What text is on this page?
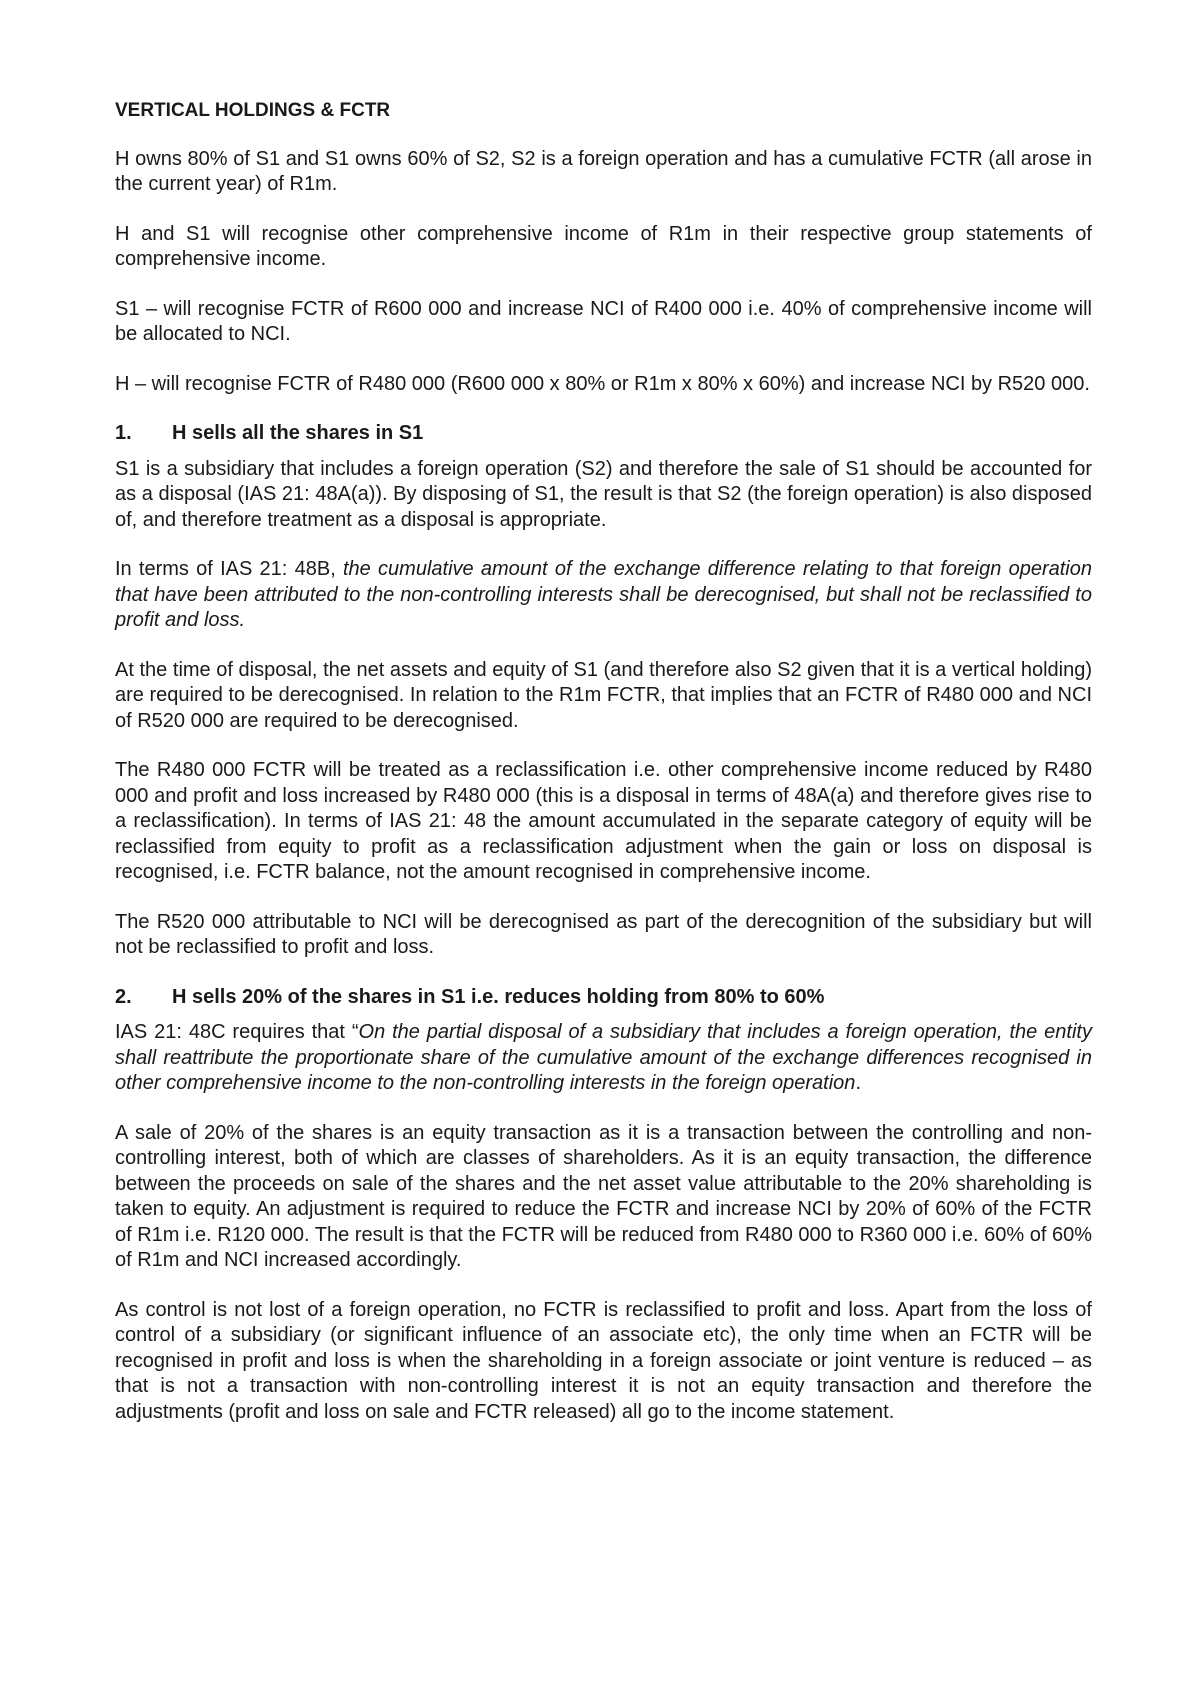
VERTICAL HOLDINGS & FCTR

H owns 80% of S1 and S1 owns 60% of S2, S2 is a foreign operation and has a cumulative FCTR (all arose in the current year) of R1m.

H and S1 will recognise other comprehensive income of R1m in their respective group statements of comprehensive income.

S1 – will recognise FCTR of R600 000 and increase NCI of R400 000 i.e. 40% of comprehensive income will be allocated to NCI.

H – will recognise FCTR of R480 000 (R600 000 x 80% or R1m x 80% x 60%) and increase NCI by R520 000.

1.	H sells all the shares in S1

S1 is a subsidiary that includes a foreign operation (S2) and therefore the sale of S1 should be accounted for as a disposal (IAS 21: 48A(a)). By disposing of S1, the result is that S2 (the foreign operation) is also disposed of, and therefore treatment as a disposal is appropriate.

In terms of IAS 21: 48B, the cumulative amount of the exchange difference relating to that foreign operation that have been attributed to the non-controlling interests shall be derecognised, but shall not be reclassified to profit and loss.

At the time of disposal, the net assets and equity of S1 (and therefore also S2 given that it is a vertical holding) are required to be derecognised. In relation to the R1m FCTR, that implies that an FCTR of R480 000 and NCI of R520 000 are required to be derecognised.

The R480 000 FCTR will be treated as a reclassification i.e. other comprehensive income reduced by R480 000 and profit and loss increased by R480 000 (this is a disposal in terms of 48A(a) and therefore gives rise to a reclassification). In terms of IAS 21: 48 the amount accumulated in the separate category of equity will be reclassified from equity to profit as a reclassification adjustment when the gain or loss on disposal is recognised, i.e. FCTR balance, not the amount recognised in comprehensive income.

The R520 000 attributable to NCI will be derecognised as part of the derecognition of the subsidiary but will not be reclassified to profit and loss.

2.	H sells 20% of the shares in S1 i.e. reduces holding from 80% to 60%

IAS 21: 48C requires that “On the partial disposal of a subsidiary that includes a foreign operation, the entity shall reattribute the proportionate share of the cumulative amount of the exchange differences recognised in other comprehensive income to the non-controlling interests in the foreign operation.

A sale of 20% of the shares is an equity transaction as it is a transaction between the controlling and non-controlling interest, both of which are classes of shareholders. As it is an equity transaction, the difference between the proceeds on sale of the shares and the net asset value attributable to the 20% shareholding is taken to equity. An adjustment is required to reduce the FCTR and increase NCI by 20% of 60% of the FCTR of R1m i.e. R120 000. The result is that the FCTR will be reduced from R480 000 to R360 000 i.e. 60% of 60% of R1m and NCI increased accordingly.

As control is not lost of a foreign operation, no FCTR is reclassified to profit and loss. Apart from the loss of control of a subsidiary (or significant influence of an associate etc), the only time when an FCTR will be recognised in profit and loss is when the shareholding in a foreign associate or joint venture is reduced – as that is not a transaction with non-controlling interest it is not an equity transaction and therefore the adjustments (profit and loss on sale and FCTR released) all go to the income statement.
